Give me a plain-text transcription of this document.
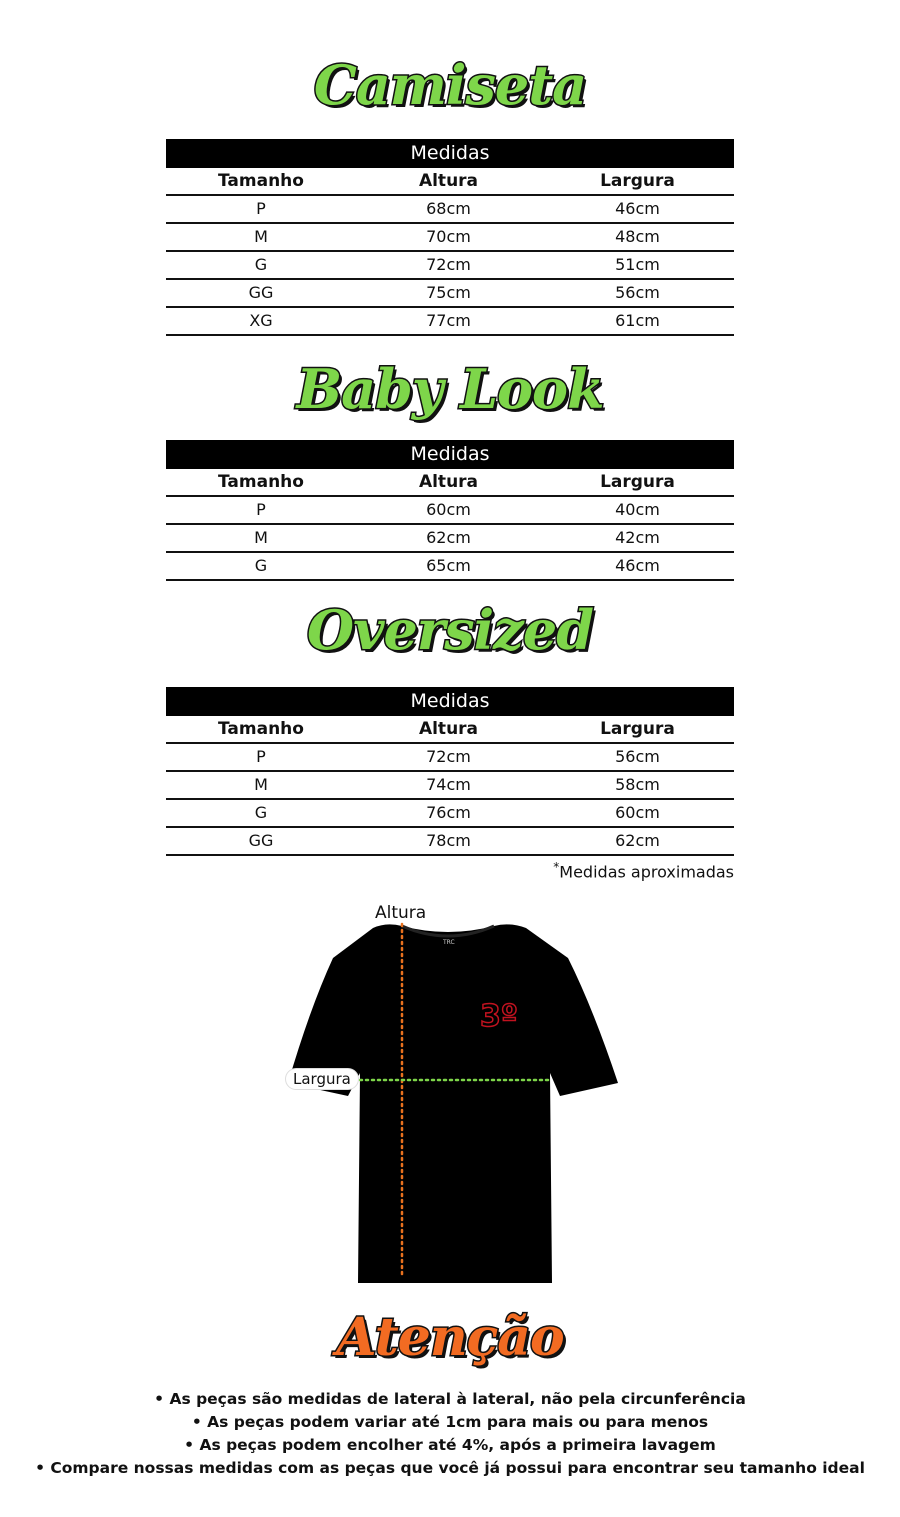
Camiseta
Medidas
Tamanho	Altura	Largura
P	68cm	46cm
M	70cm	48cm
G	72cm	51cm
GG	75cm	56cm
XG	77cm	61cm
Baby Look
Medidas
Tamanho	Altura	Largura
P	60cm	40cm
M	62cm	42cm
G	65cm	46cm
Oversized
Medidas
Tamanho	Altura	Largura
P	72cm	56cm
M	74cm	58cm
G	76cm	60cm
GG	78cm	62cm
*Medidas aproximadas
Altura
TRC
3º
Largura
Atenção
• As peças são medidas de lateral à lateral, não pela circunferência
• As peças podem variar até 1cm para mais ou para menos
• As peças podem encolher até 4%, após a primeira lavagem
• Compare nossas medidas com as peças que você já possui para encontrar seu tamanho ideal
